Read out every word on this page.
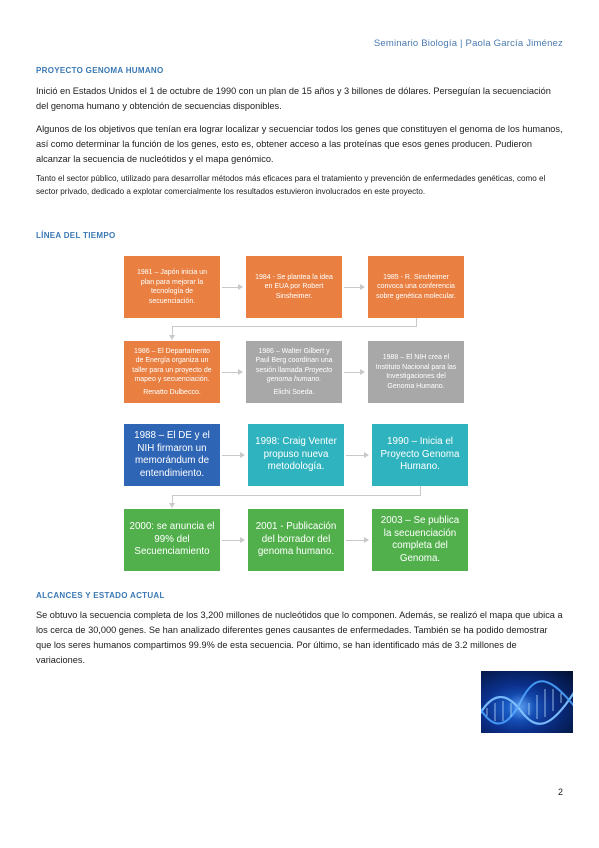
Seminario Biología | Paola García Jiménez
PROYECTO GENOMA HUMANO

Inició en Estados Unidos el 1 de octubre de 1990 con un plan de 15 años y 3 billones de dólares. Perseguían la secuenciación del genoma humano y obtención de secuencias disponibles.

Algunos de los objetivos que tenían era lograr localizar y secuenciar todos los genes que constituyen el genoma de los humanos, así como determinar la función de los genes, esto es, obtener acceso a las proteínas que esos genes producen. Pudieron alcanzar la secuencia de nucleótidos y el mapa genómico.

Tanto el sector público, utilizado para desarrollar métodos más eficaces para el tratamiento y prevención de enfermedades genéticas, como el sector privado, dedicado a explotar comercialmente los resultados estuvieron involucrados en este proyecto.

LÍNEA DEL TIEMPO
1981 – Japón inicia un plan para mejorar la tecnología de secuenciación.
1984 - Se plantea la idea en EUA por Robert Sinsheimer.
1985 - R. Sinsheimer convoca una conferencia sobre genética molecular.
1986 – El Departamento de Energía organiza un taller para un proyecto de mapeo y secuenciación.
Renatto Dulbecco.
1986 – Walter Gilbert y Paul Berg coordinan una sesión llamada Proyecto genoma humano.
Elichi Soeda.
1988 – El NIH crea el Instituto Nacional para las Investigaciones del Genoma Humano.
1988 – El DE y el NIH firmaron un memorándum de entendimiento.
1998: Craig Venter propuso nueva metodología.
1990 – Inicia el Proyecto Genoma Humano.
2000: se anuncia el 99% del Secuenciamiento
2001 - Publicación del borrador del genoma humano.
2003 – Se publica la secuenciación completa del Genoma.
ALCANCES Y ESTADO ACTUAL

Se obtuvo la secuencia completa de los 3,200 millones de nucleótidos que lo componen. Además, se realizó el mapa que ubica a los cerca de 30,000 genes. Se han analizado diferentes genes causantes de enfermedades. También se ha podido demostrar que los seres humanos compartimos 99.9% de esta secuencia. Por último, se han identificado más de 3.2 millones de variaciones.

2
